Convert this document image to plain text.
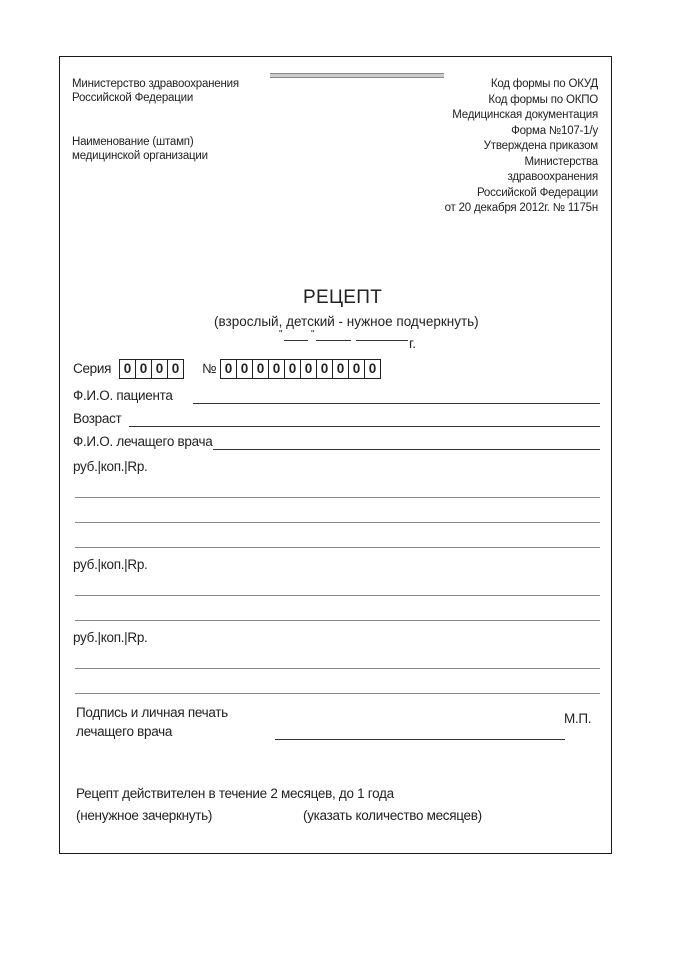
Министерство здравоохранения
Российской Федерации
Наименование (штамп)
медицинской организации
Код формы по ОКУД
Код формы по ОКПО
Медицинская документация
Форма №107-1/у
Утверждена приказом
Министерства
здравоохранения
Российской Федерации
от 20 декабря 2012г. № 1175н
РЕЦЕПТ
(взрослый, детский - нужное подчеркнуть)
"	"
г.
Серия 0 0 0 0	№ 0 0 0 0 0 0 0 0 0 0
Ф.И.О. пациента
Возраст
Ф.И.О. лечащего врача
руб.|коп.|Rp.
руб.|коп.|Rp.
руб.|коп.|Rp.
Подпись и личная печать
лечащего врача
М.П.
Рецепт действителен в течение 2 месяцев, до 1 года
(ненужное зачеркнуть)	(указать количество месяцев)
